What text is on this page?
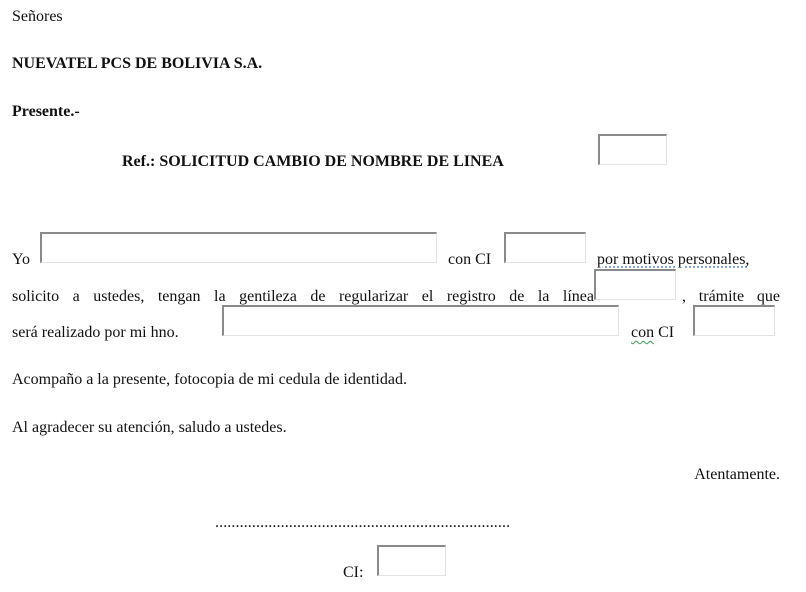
Señores
NUEVATEL PCS DE BOLIVIA S.A.
Presente.-
Ref.: SOLICITUD CAMBIO DE NOMBRE DE LINEA
Yo	con CI	por motivos personales,
solicito a ustedes, tengan la gentileza de regularizar el registro de la línea	, trámite que
será realizado por mi hno.	con CI
Acompaño a la presente, fotocopia de mi cedula de identidad.
Al agradecer su atención, saludo a ustedes.
Atentamente.
........................................................................
CI:
